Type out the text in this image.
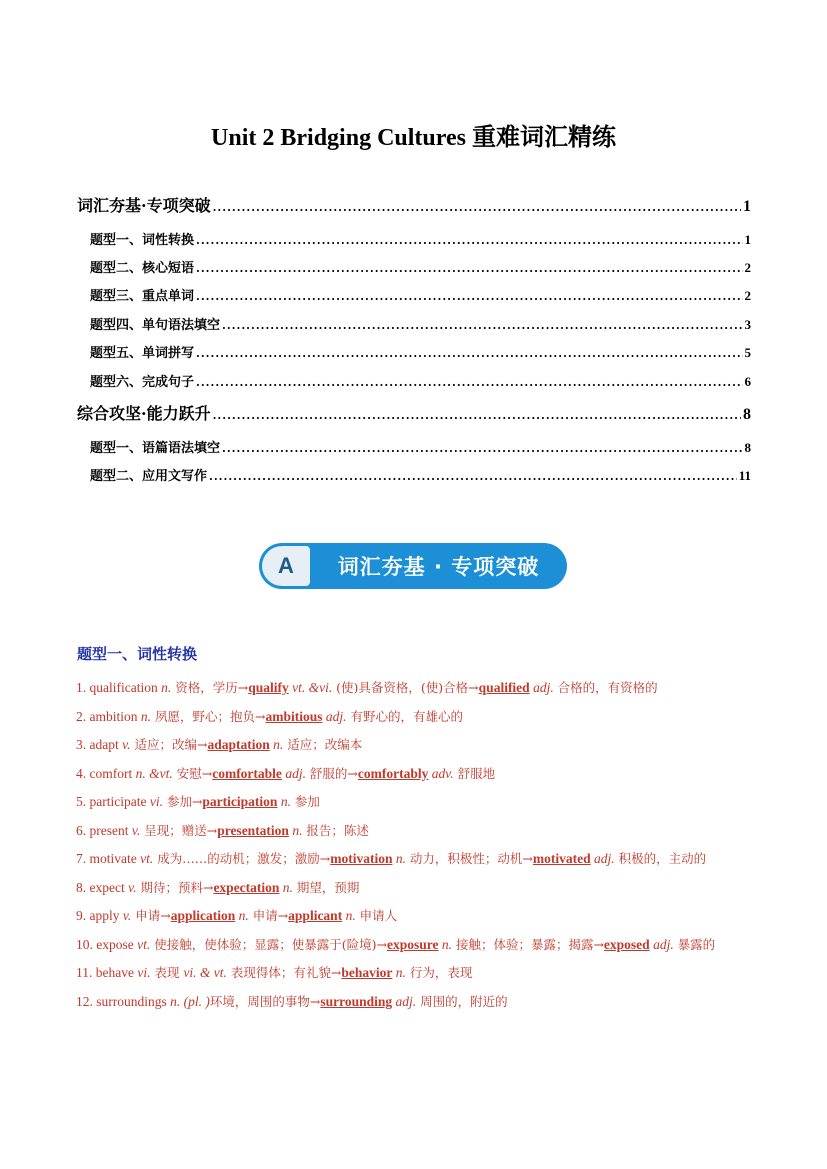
Unit 2 Bridging Cultures 重难词汇精练
词汇夯基·专项突破 .....	1
题型一、词性转换 .....	1
题型二、核心短语 .....	2
题型三、重点单词 .....	2
题型四、单句语法填空 .....	3
题型五、单词拼写 .....	5
题型六、完成句子 .....	6
综合攻坚·能力跃升 .....	8
题型一、语篇语法填空 .....	8
题型二、应用文写作 .....	11
A	词汇夯基 · 专项突破
题型一、词性转换
1. qualification n. 资格，学历→qualify vt. &vi. (使)具备资格，(使)合格→qualified adj. 合格的，有资格的
2. ambition n. 夙愿，野心；抱负→ambitious adj. 有野心的，有雄心的
3. adapt v. 适应；改编→adaptation n. 适应；改编本
4. comfort n. &vt. 安慰→comfortable adj. 舒服的→comfortably adv. 舒服地
5. participate vi. 参加→participation n. 参加
6. present v. 呈现；赠送→presentation n. 报告；陈述
7. motivate vt. 成为……的动机；激发；激励→motivation n. 动力，积极性；动机→motivated adj. 积极的，主动的
8. expect v. 期待；预料→expectation n. 期望，预期
9. apply v. 申请→application n. 申请→applicant n. 申请人
10. expose vt. 使接触，使体验；显露；使暴露于(险境)→exposure n. 接触；体验；暴露；揭露→exposed adj. 暴露的
11. behave vi. 表现 vi. & vt. 表现得体；有礼貌→behavior n. 行为，表现
12. surroundings n. (pl. )环境，周围的事物→surrounding adj. 周围的，附近的
